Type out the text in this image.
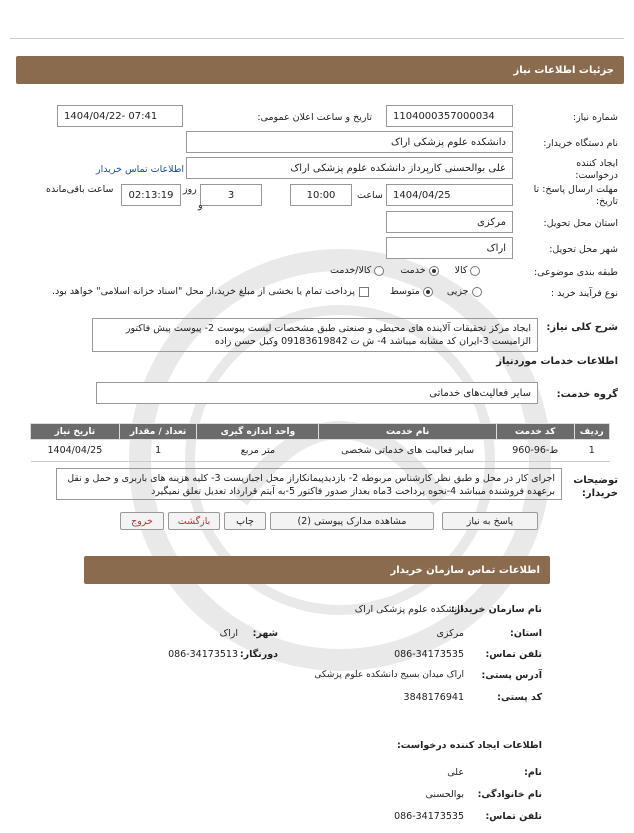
جزئیات اطلاعات نیاز
شماره نیاز:
1104000357000034
تاریخ و ساعت اعلان عمومی:
1404/04/22- 07:41
نام دستگاه خریدار:
دانشکده علوم پزشکی اراک
ایجاد کننده درخواست:
علی بوالحسنی کارپرداز دانشکده علوم پزشکی اراک
اطلاعات تماس خریدار
مهلت ارسال پاسخ: تا تاریخ:
1404/04/25
ساعت
10:00
3
روز
و
02:13:19
ساعت باقی‌مانده
استان محل تحویل:
مرکزی
شهر محل تحویل:
اراک
طبقه بندی موضوعی:
کالا
خدمت
کالا/خدمت
نوع فرآیند خرید :
جزیی
متوسط
پرداخت تمام یا بخشی از مبلغ خرید،از محل "اسناد خزانه اسلامی" خواهد بود.
شرح کلی نیاز:
ایجاد مرکز تحقیقات آلاینده های محیطی و صنعتی طبق مشخصات لیست پیوست 2- پیوست پیش فاکتور الزامیست 3-ایران کد مشابه میباشد 4- ش ت 09183619842 وکیل حسن زاده
اطلاعات خدمات موردنیاز
گروه خدمت:
سایر فعالیت‌های خدماتی
ردیف	کد خدمت	نام خدمت	واحد اندازه گیری	تعداد / مقدار	تاریخ نیاز
1	ط-96-960	سایر فعالیت های خدماتی شخصی	متر مربع	1	1404/04/25
توضیحات خریدار:
اجرای کار در محل و طبق نظر کارشناس مربوطه 2- بازدیدپیمانکاراز محل اجباریست 3- کلیه هزینه های باربری و حمل و نقل برعهده فروشنده میباشد 4-نحوه پرداخت 3ماه بعداز صدور فاکتور 5-به آیتم قرارداد تعدیل تعلق نمیگیرد
پاسخ به نیاز
مشاهده مدارک پیوستی (2)
چاپ
بازگشت
خروج
اطلاعات تماس سازمان خریدار
نام سازمان خریدار:
دانشکده علوم پزشکی اراک
استان:
مرکزی
شهر:
اراک
تلفن تماس:
086-34173535
دورنگار:
086-34173513
آدرس پستی:
اراک میدان بسیج دانشکده علوم پزشکی
کد پستی:
3848176941
اطلاعات ایجاد کننده درخواست:
نام:
علی
نام خانوادگی:
بوالحسنی
تلفن تماس:
086-34173535
